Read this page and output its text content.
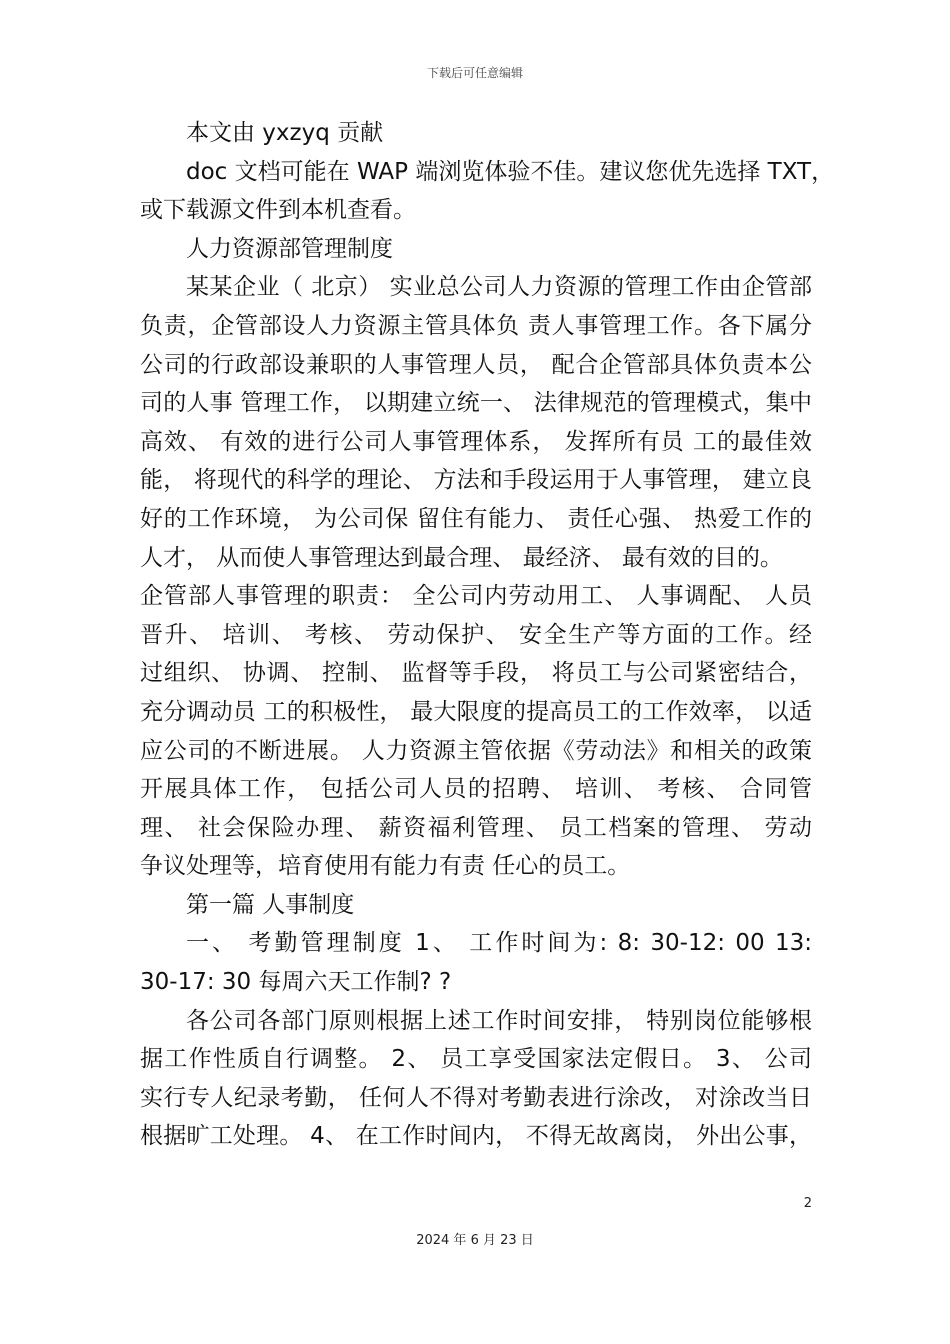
下载后可任意编辑
本文由 yxzyq 贡献
doc 文档可能在 WAP 端浏览体验不佳。建议您优先选择 TXT，
或下载源文件到本机查看。
人力资源部管理制度
某某企业（ 北京） 实业总公司人力资源的管理工作由企管部
负责，企管部设人力资源主管具体负 责人事管理工作。各下属分
公司的行政部设兼职的人事管理人员， 配合企管部具体负责本公
司的人事 管理工作， 以期建立统一、 法律规范的管理模式，集中
高效、 有效的进行公司人事管理体系， 发挥所有员 工的最佳效
能， 将现代的科学的理论、 方法和手段运用于人事管理， 建立良
好的工作环境， 为公司保 留住有能力、 责任心强、 热爱工作的
人才， 从而使人事管理达到最合理、 最经济、 最有效的目的。
企管部人事管理的职责： 全公司内劳动用工、 人事调配、 人员
晋升、 培训、 考核、 劳动保护、 安全生产等方面的工作。经
过组织、 协调、 控制、 监督等手段， 将员工与公司紧密结合，
充分调动员 工的积极性， 最大限度的提高员工的工作效率， 以适
应公司的不断进展。 人力资源主管依据《劳动法》和相关的政策
开展具体工作， 包括公司人员的招聘、 培训、 考核、 合同管
理、 社会保险办理、 薪资福利管理、 员工档案的管理、 劳动
争议处理等，培育使用有能力有责 任心的员工。
第一篇 人事制度
一、 考勤管理制度 1、 工作时间为: 8: 30-12: 00 13:
30-17: 30 每周六天工作制? ?
各公司各部门原则根据上述工作时间安排， 特别岗位能够根
据工作性质自行调整。 2、 员工享受国家法定假日。 3、 公司
实行专人纪录考勤， 任何人不得对考勤表进行涂改， 对涂改当日
根据旷工处理。 4、 在工作时间内， 不得无故离岗， 外出公事，
2
2024 年 6 月 23 日
